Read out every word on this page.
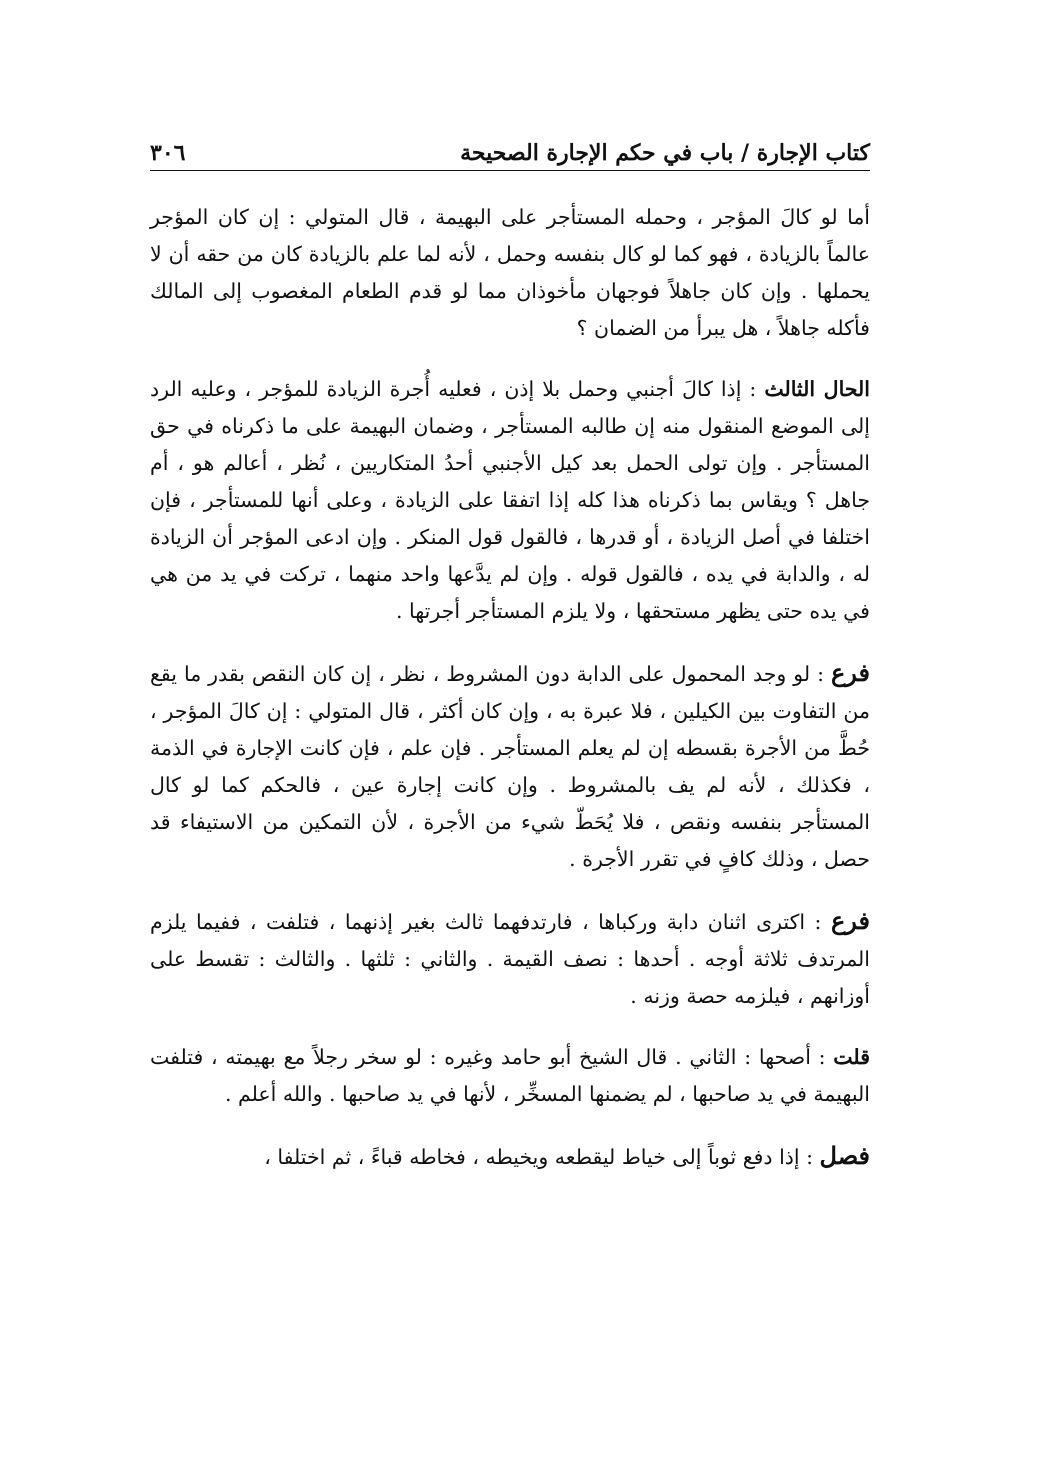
كتاب الإجارة / باب في حكم الإجارة الصحيحة
٣٠٦

أما لو كالَ المؤجر ، وحمله المستأجر على البهيمة ، قال المتولي : إن كان المؤجر عالماً بالزيادة ، فهو كما لو كال بنفسه وحمل ، لأنه لما علم بالزيادة كان من حقه أن لا يحملها . وإن كان جاهلاً فوجهان مأخوذان مما لو قدم الطعام المغصوب إلى المالك فأكله جاهلاً ، هل يبرأ من الضمان ؟

الحال الثالث : إذا كالَ أجنبي وحمل بلا إذن ، فعليه أُجرة الزيادة للمؤجر ، وعليه الرد إلى الموضع المنقول منه إن طالبه المستأجر ، وضمان البهيمة على ما ذكرناه في حق المستأجر . وإن تولى الحمل بعد كيل الأجنبي أحدُ المتكاريين ، نُظر ، أعالم هو ، أم جاهل ؟ ويقاس بما ذكرناه هذا كله إذا اتفقا على الزيادة ، وعلى أنها للمستأجر ، فإن اختلفا في أصل الزيادة ، أو قدرها ، فالقول قول المنكر . وإن ادعى المؤجر أن الزيادة له ، والدابة في يده ، فالقول قوله . وإن لم يدَّعها واحد منهما ، تركت في يد من هي في يده حتى يظهر مستحقها ، ولا يلزم المستأجر أجرتها .

فرع : لو وجد المحمول على الدابة دون المشروط ، نظر ، إن كان النقص بقدر ما يقع من التفاوت بين الكيلين ، فلا عبرة به ، وإن كان أكثر ، قال المتولي : إن كالَ المؤجر ، حُطَّ من الأجرة بقسطه إن لم يعلم المستأجر . فإن علم ، فإن كانت الإجارة في الذمة ، فكذلك ، لأنه لم يف بالمشروط . وإن كانت إجارة عين ، فالحكم كما لو كال المستأجر بنفسه ونقص ، فلا يُحَطّ شيء من الأجرة ، لأن التمكين من الاستيفاء قد حصل ، وذلك كافٍ في تقرر الأجرة .

فرع : اكترى اثنان دابة وركباها ، فارتدفهما ثالث بغير إذنهما ، فتلفت ، ففيما يلزم المرتدف ثلاثة أوجه . أحدها : نصف القيمة . والثاني : ثلثها . والثالث : تقسط على أوزانهم ، فيلزمه حصة وزنه .

قلت : أصحها : الثاني . قال الشيخ أبو حامد وغيره : لو سخر رجلاً مع بهيمته ، فتلفت البهيمة في يد صاحبها ، لم يضمنها المسخِّر ، لأنها في يد صاحبها . والله أعلم .

فصل : إذا دفع ثوباً إلى خياط ليقطعه ويخيطه ، فخاطه قباءً ، ثم اختلفا ،
